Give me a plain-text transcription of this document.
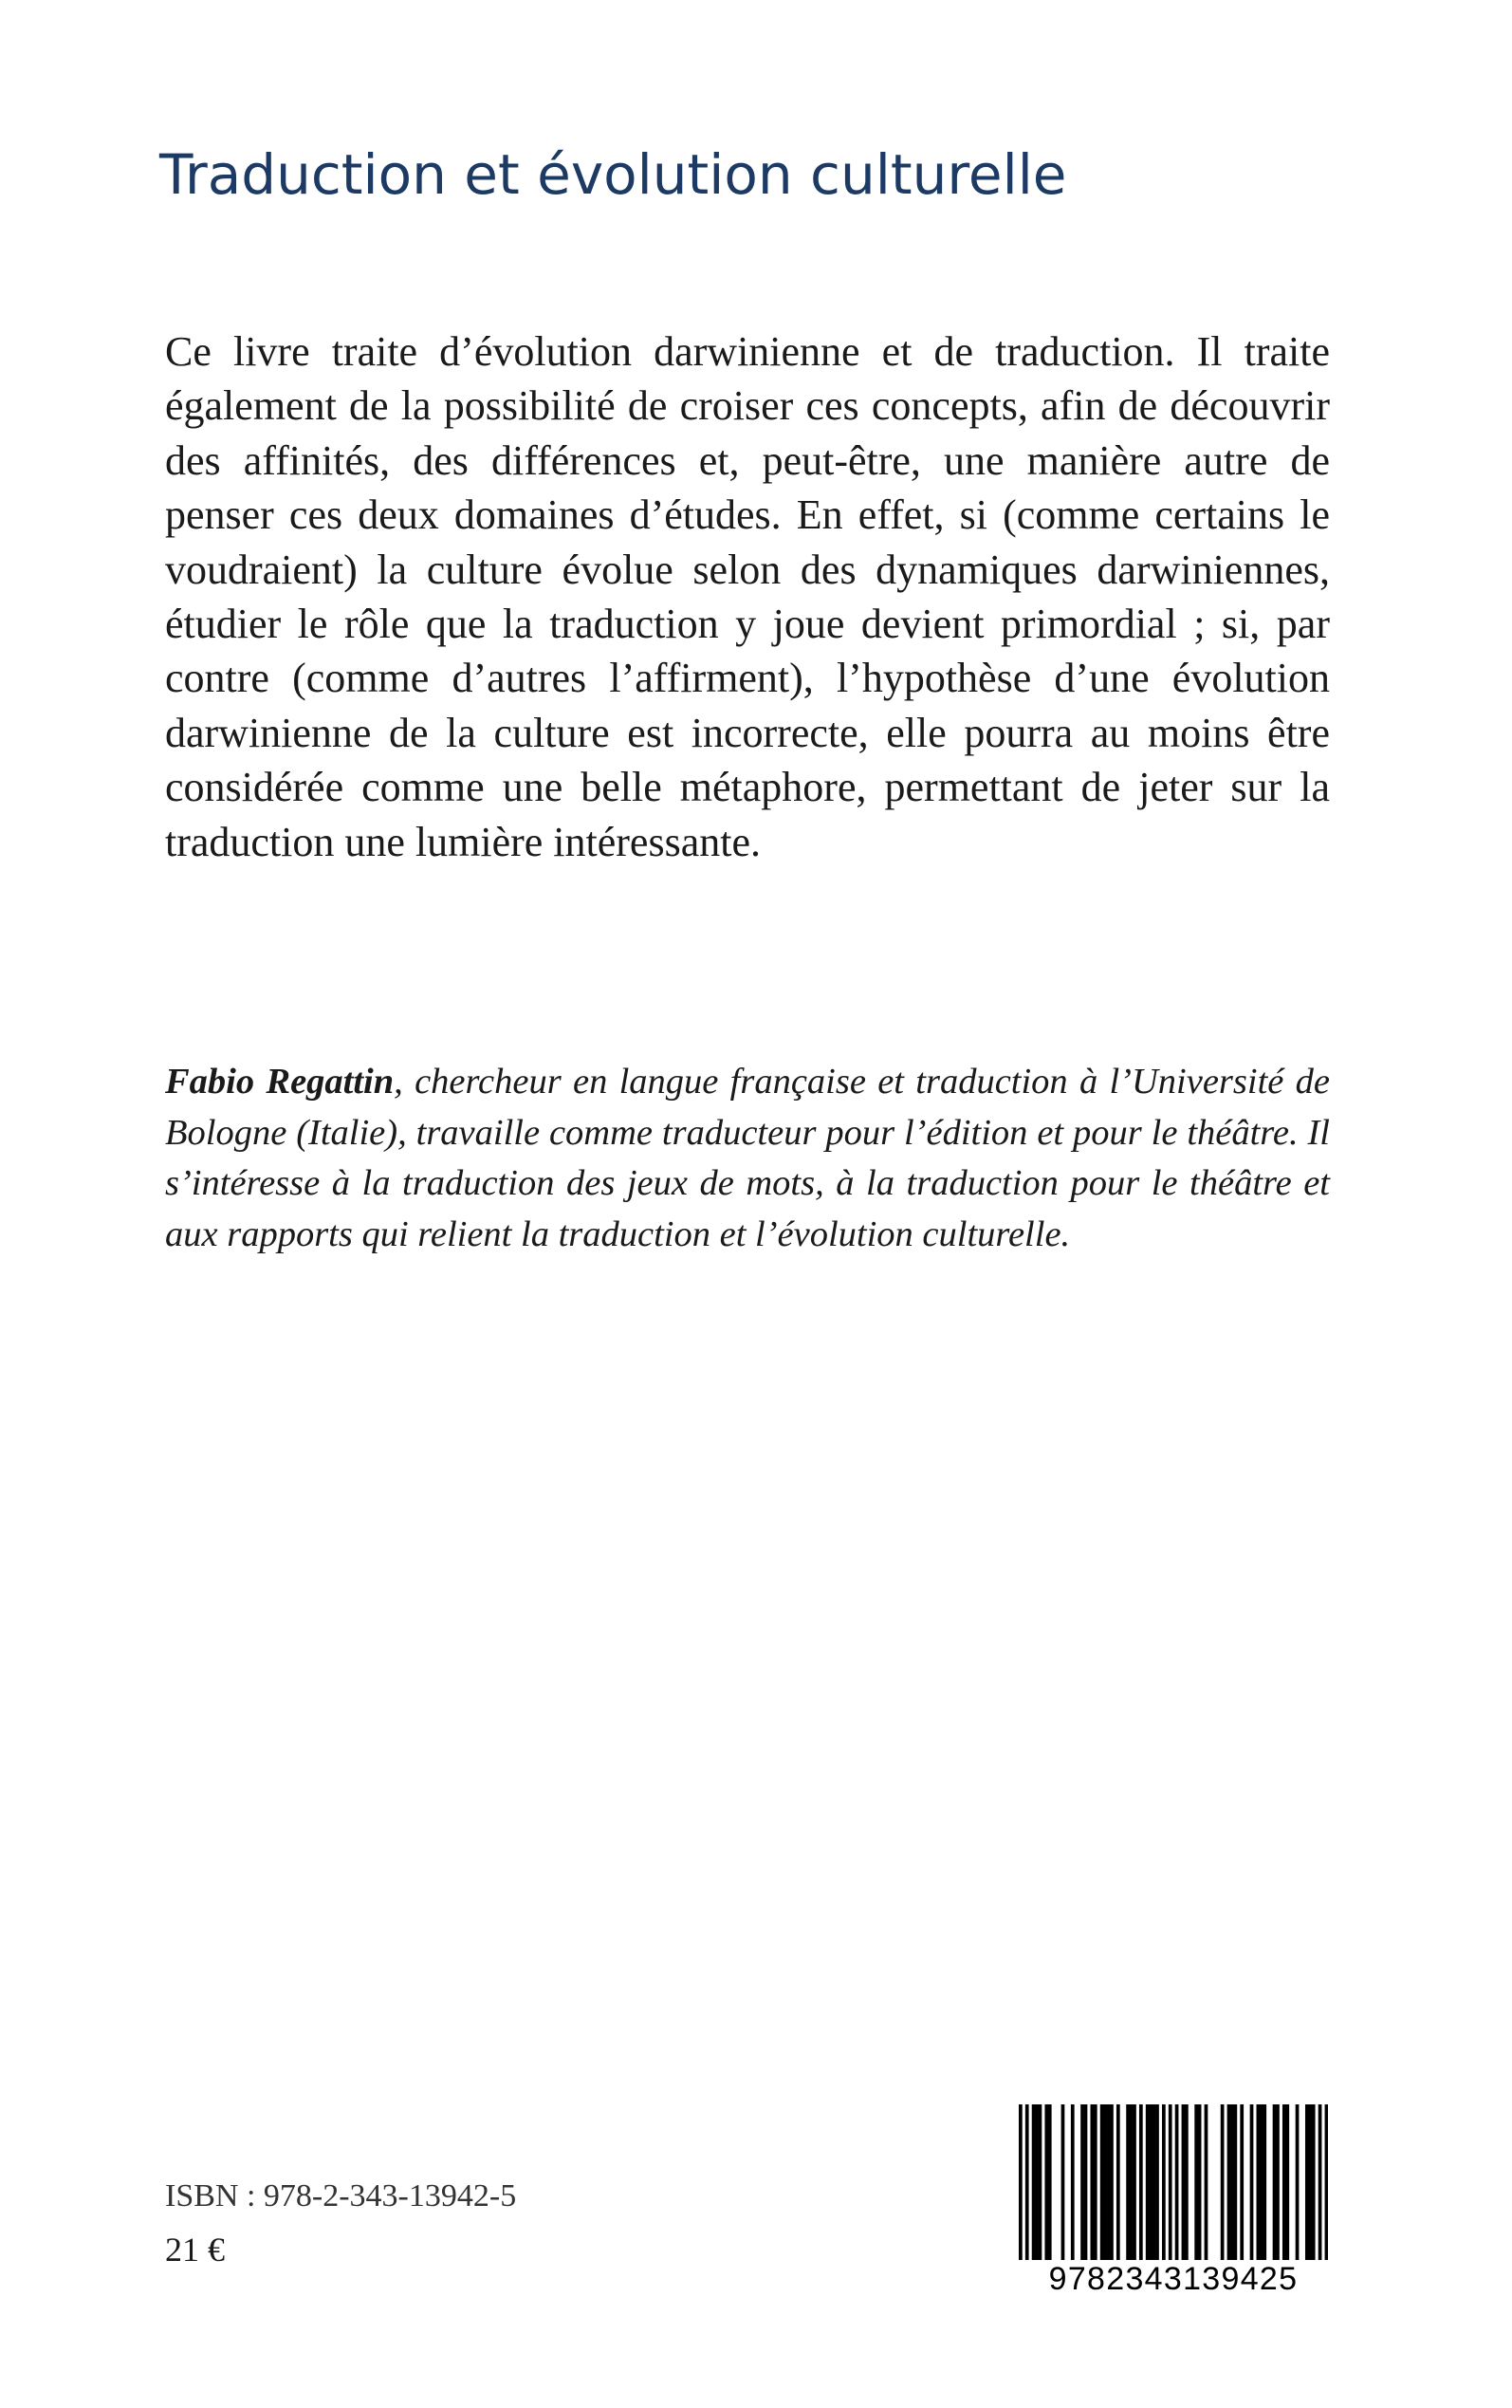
Traduction et évolution culturelle

Ce livre traite d’évolution darwinienne et de traduction. Il traite également de la possibilité de croiser ces concepts, afin de découvrir des affinités, des différences et, peut-être, une manière autre de penser ces deux domaines d’études. En effet, si (comme certains le voudraient) la culture évolue selon des dynamiques darwiniennes, étudier le rôle que la traduction y joue devient primordial ; si, par contre (comme d’autres l’affirment), l’hypothèse d’une évolution darwinienne de la culture est incorrecte, elle pourra au moins être considérée comme une belle métaphore, permettant de jeter sur la traduction une lumière intéressante.

Fabio Regattin, chercheur en langue française et traduction à l’Université de Bologne (Italie), travaille comme traducteur pour l’édition et pour le théâtre. Il s’intéresse à la traduction des jeux de mots, à la traduction pour le théâtre et aux rapports qui relient la traduction et l’évolution culturelle.

ISBN : 978-2-343-13942-5
21 €
9782343139425
